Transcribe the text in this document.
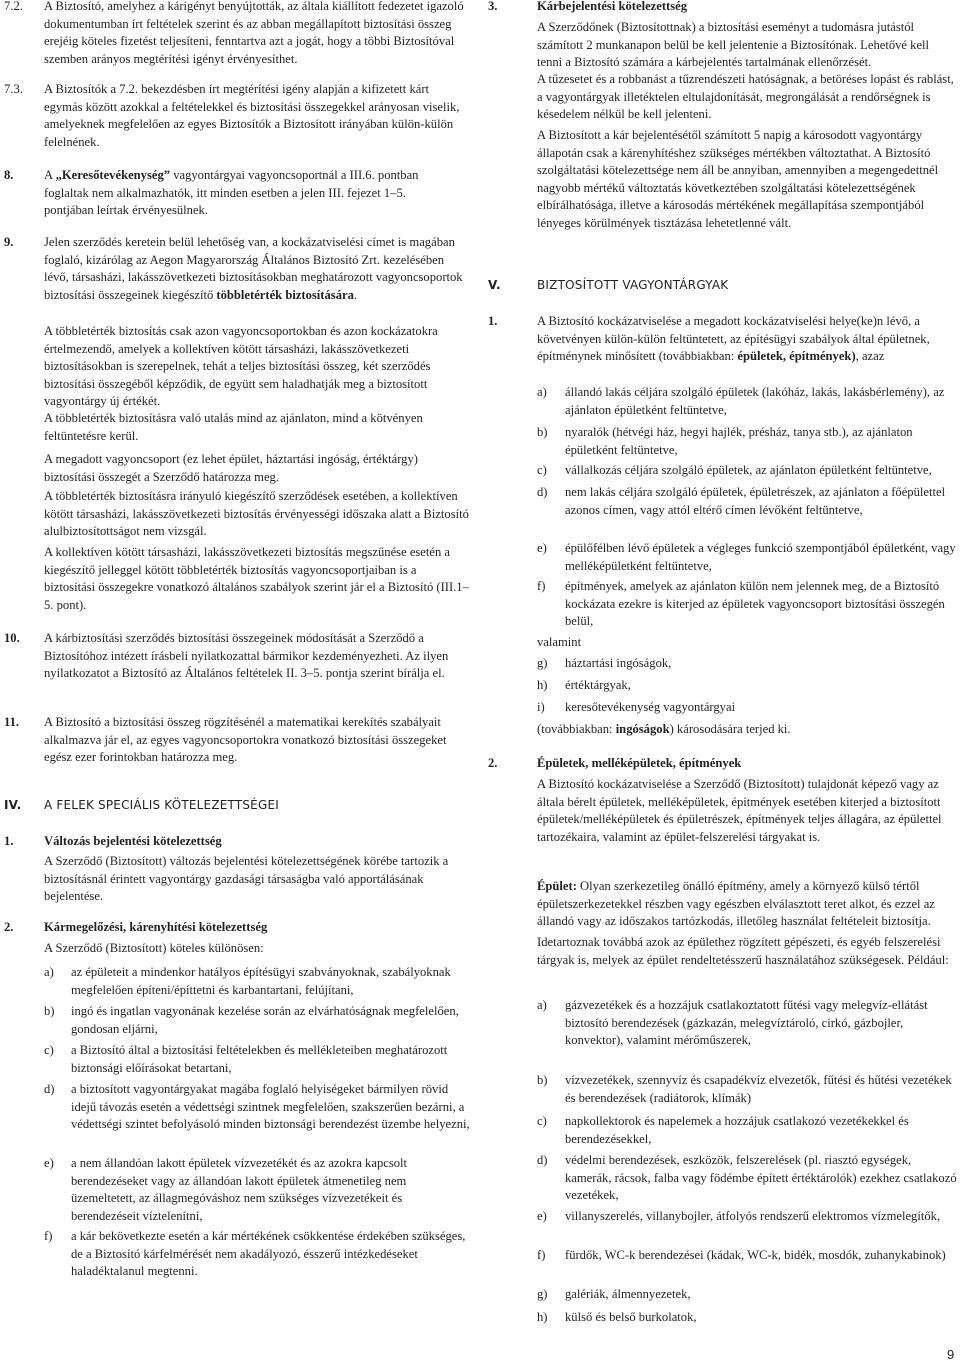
7.2. A Biztosító, amelyhez a kárigényt benyújtották, az általa kiállított fedezetet igazoló dokumentumban írt feltételek szerint és az abban megállapított biztosítási összeg erejéig köteles fizetést teljesíteni, fenntartva azt a jogát, hogy a többi Biztosítóval szemben arányos megtérítési igényt érvényesíthet.
7.3. A Biztosítók a 7.2. bekezdésben írt megtérítési igény alapján a kifizetett kárt egymás között azokkal a feltételekkel és biztosítási összegekkel arányosan viselik, amelyeknek megfelelően az egyes Biztosítók a Biztosított irányában külön-külön felelnének.
8. A „Keresőtevékenység” vagyontárgyai vagyoncsoportnál a III.6. pontban foglaltak nem alkalmazhatók, itt minden esetben a jelen III. fejezet 1–5. pontjában leírtak érvényesülnek.
9. Jelen szerződés keretein belül lehetőség van, a kockázatviselési címet is magában foglaló, kizárólag az Aegon Magyarország Általános Biztosító Zrt. kezelésében lévő, társasházi, lakásszövetkezeti biztosításokban meghatározott vagyoncsoportok biztosítási összegeinek kiegészítő többletérték biztosítására.
A többletérték biztosítás csak azon vagyoncsoportokban és azon kockázatokra értelmezendő, amelyek a kollektíven kötött társasházi, lakásszövetkezeti biztosításokban is szerepelnek, tehát a teljes biztosítási összeg, két szerződés biztosítási összegéből képződik, de együtt sem haladhatják meg a biztosított vagyontárgy új értékét.
A többletérték biztosításra való utalás mind az ajánlaton, mind a kötvényen feltüntetésre kerül.
A megadott vagyoncsoport (ez lehet épület, háztartási ingóság, értéktárgy) biztosítási összegét a Szerződő határozza meg.
A többletérték biztosításra irányuló kiegészítő szerződések esetében, a kollektíven kötött társasházi, lakásszövetkezeti biztosítás érvényességi időszaka alatt a Biztosító alulbiztosítottságot nem vizsgál.
A kollektíven kötött társasházi, lakásszövetkezeti biztosítás megszűnése esetén a kiegészítő jelleggel kötött többletérték biztosítás vagyoncsoportjaiban is a biztosítási összegekre vonatkozó általános szabályok szerint jár el a Biztosító (III.1–5. pont).
10. A kárbiztosítási szerződés biztosítási összegeinek módosítását a Szerződő a Biztosítóhoz intézett írásbeli nyilatkozattal bármikor kezdeményezheti. Az ilyen nyilatkozatot a Biztosító az Általános feltételek II. 3–5. pontja szerint bírálja el.
11. A Biztosító a biztosítási összeg rögzítésénél a matematikai kerekítés szabályait alkalmazva jár el, az egyes vagyoncsoportokra vonatkozó biztosítási összegeket egész ezer forintokban határozza meg.
IV. A FELEK SPECIÁLIS KÖTELEZETTSÉGEI
1. Változás bejelentési kötelezettség
A Szerződő (Biztosított) változás bejelentési kötelezettségének körébe tartozik a biztosításnál érintett vagyontárgy gazdasági társaságba való apportálásának bejelentése.
2. Kármegelőzési, kárenyhítési kötelezettség
A Szerződő (Biztosított) köteles különösen:
a) az épületeit a mindenkor hatályos építésügyi szabványoknak, szabályoknak megfelelően építeni/építtetni és karbantartani, felújítani,
b) ingó és ingatlan vagyonának kezelése során az elvárhatóságnak megfelelően, gondosan eljárni,
c) a Biztosító által a biztosítási feltételekben és mellékleteiben meghatározott biztonsági előírásokat betartani,
d) a biztosított vagyontárgyakat magába foglaló helyiségeket bármilyen rövid idejű távozás esetén a védettségi szintnek megfelelően, szakszerűen bezárni, a védettségi szintet befolyásoló minden biztonsági berendezést üzembe helyezni,
e) a nem állandóan lakott épületek vízvezetékét és az azokra kapcsolt berendezéseket vagy az állandóan lakott épületek átmenetileg nem üzemeltetett, az állagmegóváshoz nem szükséges vízvezetékeit és berendezéseit víztelenítni,
f) a kár bekövetkezte esetén a kár mértékének csökkentése érdekében szükséges, de a Biztosító kárfelmérését nem akadályozó, ésszerű intézkedéseket haladéktalanul megtenni.
3.	Kárbejelentési kötelezettség
A Szerződőnek (Biztosítottnak) a biztosítási eseményt a tudomásra jutástól számított 2 munkanapon belül be kell jelentenie a Biztosítónak. Lehetővé kell tenni a Biztosító számára a kárbejelentés tartalmának ellenőrzését.
A tűzesetet és a robbanást a tűzrendészeti hatóságnak, a betöréses lopást és rablást, a vagyontárgyak illetéktelen eltulajdonítását, megrongálását a rendőrségnek is késedelem nélkül be kell jelenteni.
A Biztosított a kár bejelentésétől számított 5 napig a károsodott vagyontárgy állapotán csak a kárenyhítéshez szükséges mértékben változtathat. A Biztosító szolgáltatási kötelezettsége nem áll be annyiban, amennyiben a megengedettnél nagyobb mértékű változtatás következtében szolgáltatási kötelezettségének elbírálhatósága, illetve a károsodás mértékének megállapítása szempontjából lényeges körülmények tisztázása lehetetlenné vált.
V.	BIZTOSÍTOTT VAGYONTÁRGYAK
1.	A Biztosító kockázatviselése a megadott kockázatviselési helye(ke)n lévő, a követvényen külön-külön feltüntetett, az építésügyi szabályok által épületnek, építménynek minősített (továbbiakban: épületek, építmények), azaz
a) állandó lakás céljára szolgáló épületek (lakóház, lakás, lakásbérlemény), az ajánlaton épületként feltüntetve,
b) nyaralók (hétvégi ház, hegyi hajlék, présház, tanya stb.), az ajánlaton épületként feltüntetve,
c) vállalkozás céljára szolgáló épületek, az ajánlaton épületként feltüntetve,
d) nem lakás céljára szolgáló épületek, épületrészek, az ajánlaton a főépülettel azonos címen, vagy attól eltérő címen lévőként feltüntetve,
e) épülőfélben lévő épületek a végleges funkció szempontjából épületként, vagy melléképületként feltüntetve,
f) építmények, amelyek az ajánlaton külön nem jelennek meg, de a Biztosító kockázata ezekre is kiterjed az épületek vagyoncsoport biztosítási összegén belül,
valamint
g) háztartási ingóságok,
h) értéktárgyak,
i) keresőtevékenység vagyontárgyai
(továbbiakban: ingóságok) károsodására terjed ki.
2.	Épületek, melléképületek, építmények
A Biztosító kockázatviselése a Szerződő (Biztosított) tulajdonát képező vagy az általa bérelt épületek, melléképületek, építmények esetében kiterjed a biztosított épületek/melléképületek és épületrészek, építmények teljes állagára, az épülettel tartozékaira, valamint az épület-felszerelési tárgyakat is.
Épület: Olyan szerkezetileg önálló építmény, amely a környező külső tértől épületszerkezetekkel részben vagy egészben elválasztott teret alkot, és ezzel az állandó vagy az időszakos tartózkodás, illetőleg használat feltételeit biztosítja.
Idetartoznak továbbá azok az épülethez rögzített gépészeti, és egyéb felszerelési tárgyak is, melyek az épület rendeltetésszerű használatához szükségesek. Például:
a) gázvezetékek és a hozzájuk csatlakoztatott fűtési vagy melegvíz-ellátást biztosító berendezések (gázkazán, melegvíztároló, cirkó, gázbojler, konvektor), valamint mérőműszerek,
b) vízvezetékek, szennyvíz és csapadékvíz elvezetők, fűtési és hűtési vezetékek és berendezések (radiátorok, klímák)
c) napkollektorok és napelemek a hozzájuk csatlakozó vezetékekkel és berendezésekkel,
d) védelmi berendezések, eszközök, felszerelések (pl. riasztó egységek, kamerák, rácsok, falba vagy födémbe épített értéktárolók) ezekhez csatlakozó vezetékek,
e) villanyszerelés, villanybojler, átfolyós rendszerű elektromos vízmelegítők,
f) fürdők, WC-k berendezései (kádak, WC-k, bidék, mosdók, zuhanykabinok)
g) galériák, álmennyezetek,
h) külső és belső burkolatok,
9
